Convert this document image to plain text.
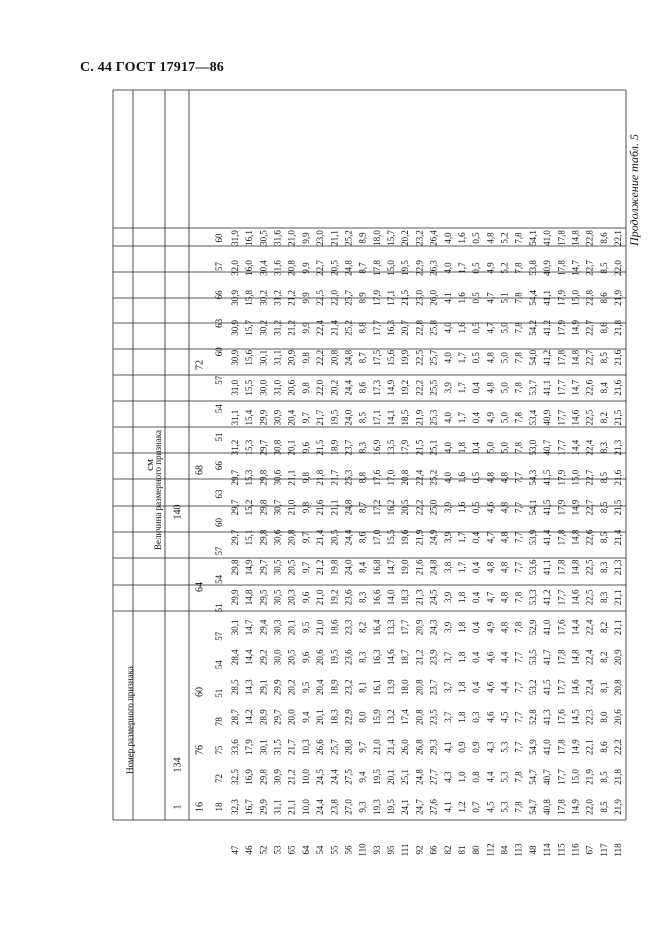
С. 44 ГОСТ 17917—86
Продолжение табл. 5
Номер размерного признака
см
Величина размерного признака
1
134
140
16
76
60
64
68
72
18
72
75
78
51
54
57
51
54
57
60
63
66
51
54
57
60
63
66
57
60
47
32,3
32,5
33,6
28,7
28,5
28,4
30,1
29,9
29,8
29,7
29,7
29,7
31,2
31,1
31,0
30,9
30,9
30,9
32,0
31,9
46
16,7
16,9
17,9
14,2
14,3
14,4
14,7
14,8
14,9
15,1
15,2
15,3
15,3
15,4
15,5
15,6
15,7
15,8
16,0
16,1
52
29,9
29,8
30,1
28,9
29,1
29,2
29,4
29,5
29,7
29,8
29,8
29,8
29,7
29,9
30,0
30,1
30,2
30,2
30,4
30,5
53
31,1
30,9
31,5
29,7
29,9
30,0
30,3
30,5
30,5
30,6
30,7
30,6
30,8
30,9
31,0
31,1
31,2
31,2
31,6
31,6
65
21,1
21,2
21,7
20,0
20,2
20,5
20,1
20,3
20,5
20,8
21,0
21,1
20,1
20,4
20,6
20,9
21,2
21,2
20,8
21,0
64
10,0
10,0
10,3
9,4
9,5
9,6
9,5
9,6
9,7
9,7
9,8
9,8
9,6
9,7
9,8
9,8
9,9
9,9
9,9
9,9
54
24,4
24,5
26,6
20,1
20,4
20,6
21,0
21,0
21,2
21,4
21,6
21,8
21,5
21,7
22,0
22,2
22,4
22,5
22,7
23,0
55
23,8
24,4
25,7
18,3
18,9
19,5
18,6
19,2
19,8
20,5
21,1
21,7
18,9
19,5
20,2
20,8
21,4
22,0
20,5
21,1
56
27,0
27,5
28,8
22,9
23,2
23,6
23,3
23,6
24,0
24,4
24,8
25,3
23,7
24,0
24,4
24,8
25,2
25,7
24,8
25,2
110
9,3
9,4
9,7
8,0
8,1
8,3
8,2
8,3
8,4
8,6
8,7
8,8
8,3
8,5
8,6
8,7
8,8
8,9
8,7
8,9
93
19,3
19,5
21,0
15,9
16,1
16,3
16,4
16,6
16,8
17,0
17,2
17,6
16,9
17,1
17,3
17,5
17,7
17,9
17,8
18,0
95
19,5
20,1
21,4
13,2
13,9
14,6
13,3
14,0
14,7
15,5
16,2
17,0
13,5
14,1
14,9
15,6
16,3
17,1
15,0
15,7
111
24,1
25,1
26,0
17,4
18,0
18,7
17,7
18,3
19,0
19,6
20,5
20,8
17,9
18,5
19,2
19,9
20,7
21,5
19,5
20,2
92
24,7
24,8
26,8
20,8
20,8
21,2
20,9
21,3
21,6
21,9
22,2
22,4
21,5
21,9
22,2
22,5
22,8
23,0
22,9
23,2
66
27,6
27,7
29,3
23,5
23,7
23,9
24,3
24,5
24,8
24,9
25,0
25,2
25,1
25,3
25,5
25,7
25,8
26,0
26,3
26,4
82
4,1
4,3
4,1
3,7
3,7
3,7
3,9
3,9
3,8
3,9
3,9
4,0
4,0
4,0
3,9
4,0
4,0
4,1
4,0
4,0
81
1,2
1,0
0,9
1,8
1,8
1,8
1,8
1,8
1,7
1,7
1,6
1,6
1,8
1,7
1,7
1,7
1,6
1,6
1,7
1,6
80
0,7
0,8
0,9
0,3
0,4
0,4
0,4
0,4
0,4
0,4
0,5
0,5
0,4
0,4
0,4
0,5
0,5
0,5
0,5
0,5
112
4,5
4,4
4,3
4,6
4,6
4,6
4,9
4,7
4,8
4,7
4,6
4,8
5,0
4,9
4,8
4,8
4,7
4,7
4,9
4,8
84
5,3
5,3
5,3
4,5
4,4
4,4
4,8
4,8
4,8
4,8
4,8
4,8
5,0
5,0
5,0
5,0
5,0
5,1
5,2
5,2
113
7,8
7,8
7,7
7,7
7,7
7,7
7,8
7,8
7,7
7,7
7,7
7,7
7,8
7,8
7,8
7,8
7,8
7,8
7,8
7,8
48
54,7
54,7
54,9
52,8
53,2
53,5
52,9
53,3
53,6
53,9
54,1
54,3
53,0
53,4
53,7
54,0
54,2
54,4
53,8
54,1
114
40,8
40,7
41,0
41,3
41,5
41,7
41,0
41,2
41,1
41,4
41,5
41,5
40,7
40,9
41,1
41,2
41,2
41,1
40,9
41,0
115
17,8
17,7
17,8
17,6
17,7
17,8
17,6
17,7
17,8
17,8
17,9
17,9
17,7
17,7
17,7
17,8
17,9
17,9
17,8
17,8
116
14,9
15,0
14,9
14,5
14,6
14,8
14,4
14,6
14,8
14,8
14,9
15,0
14,4
14,6
14,7
14,8
14,9
15,0
14,7
14,8
67
22,0
21,9
22,1
22,3
22,4
22,4
22,4
22,5
22,5
22,6
22,7
22,7
22,4
22,5
22,6
22,7
22,7
22,8
22,7
22,8
117
8,5
8,5
8,6
8,0
8,1
8,2
8,2
8,3
8,3
8,5
8,5
8,5
8,3
8,2
8,4
8,5
8,6
8,6
8,5
8,6
118
21,9
21,8
22,2
20,6
20,8
20,9
21,1
21,1
21,3
21,4
21,5
21,6
21,3
21,5
21,6
21,6
21,8
21,9
22,0
22,1
